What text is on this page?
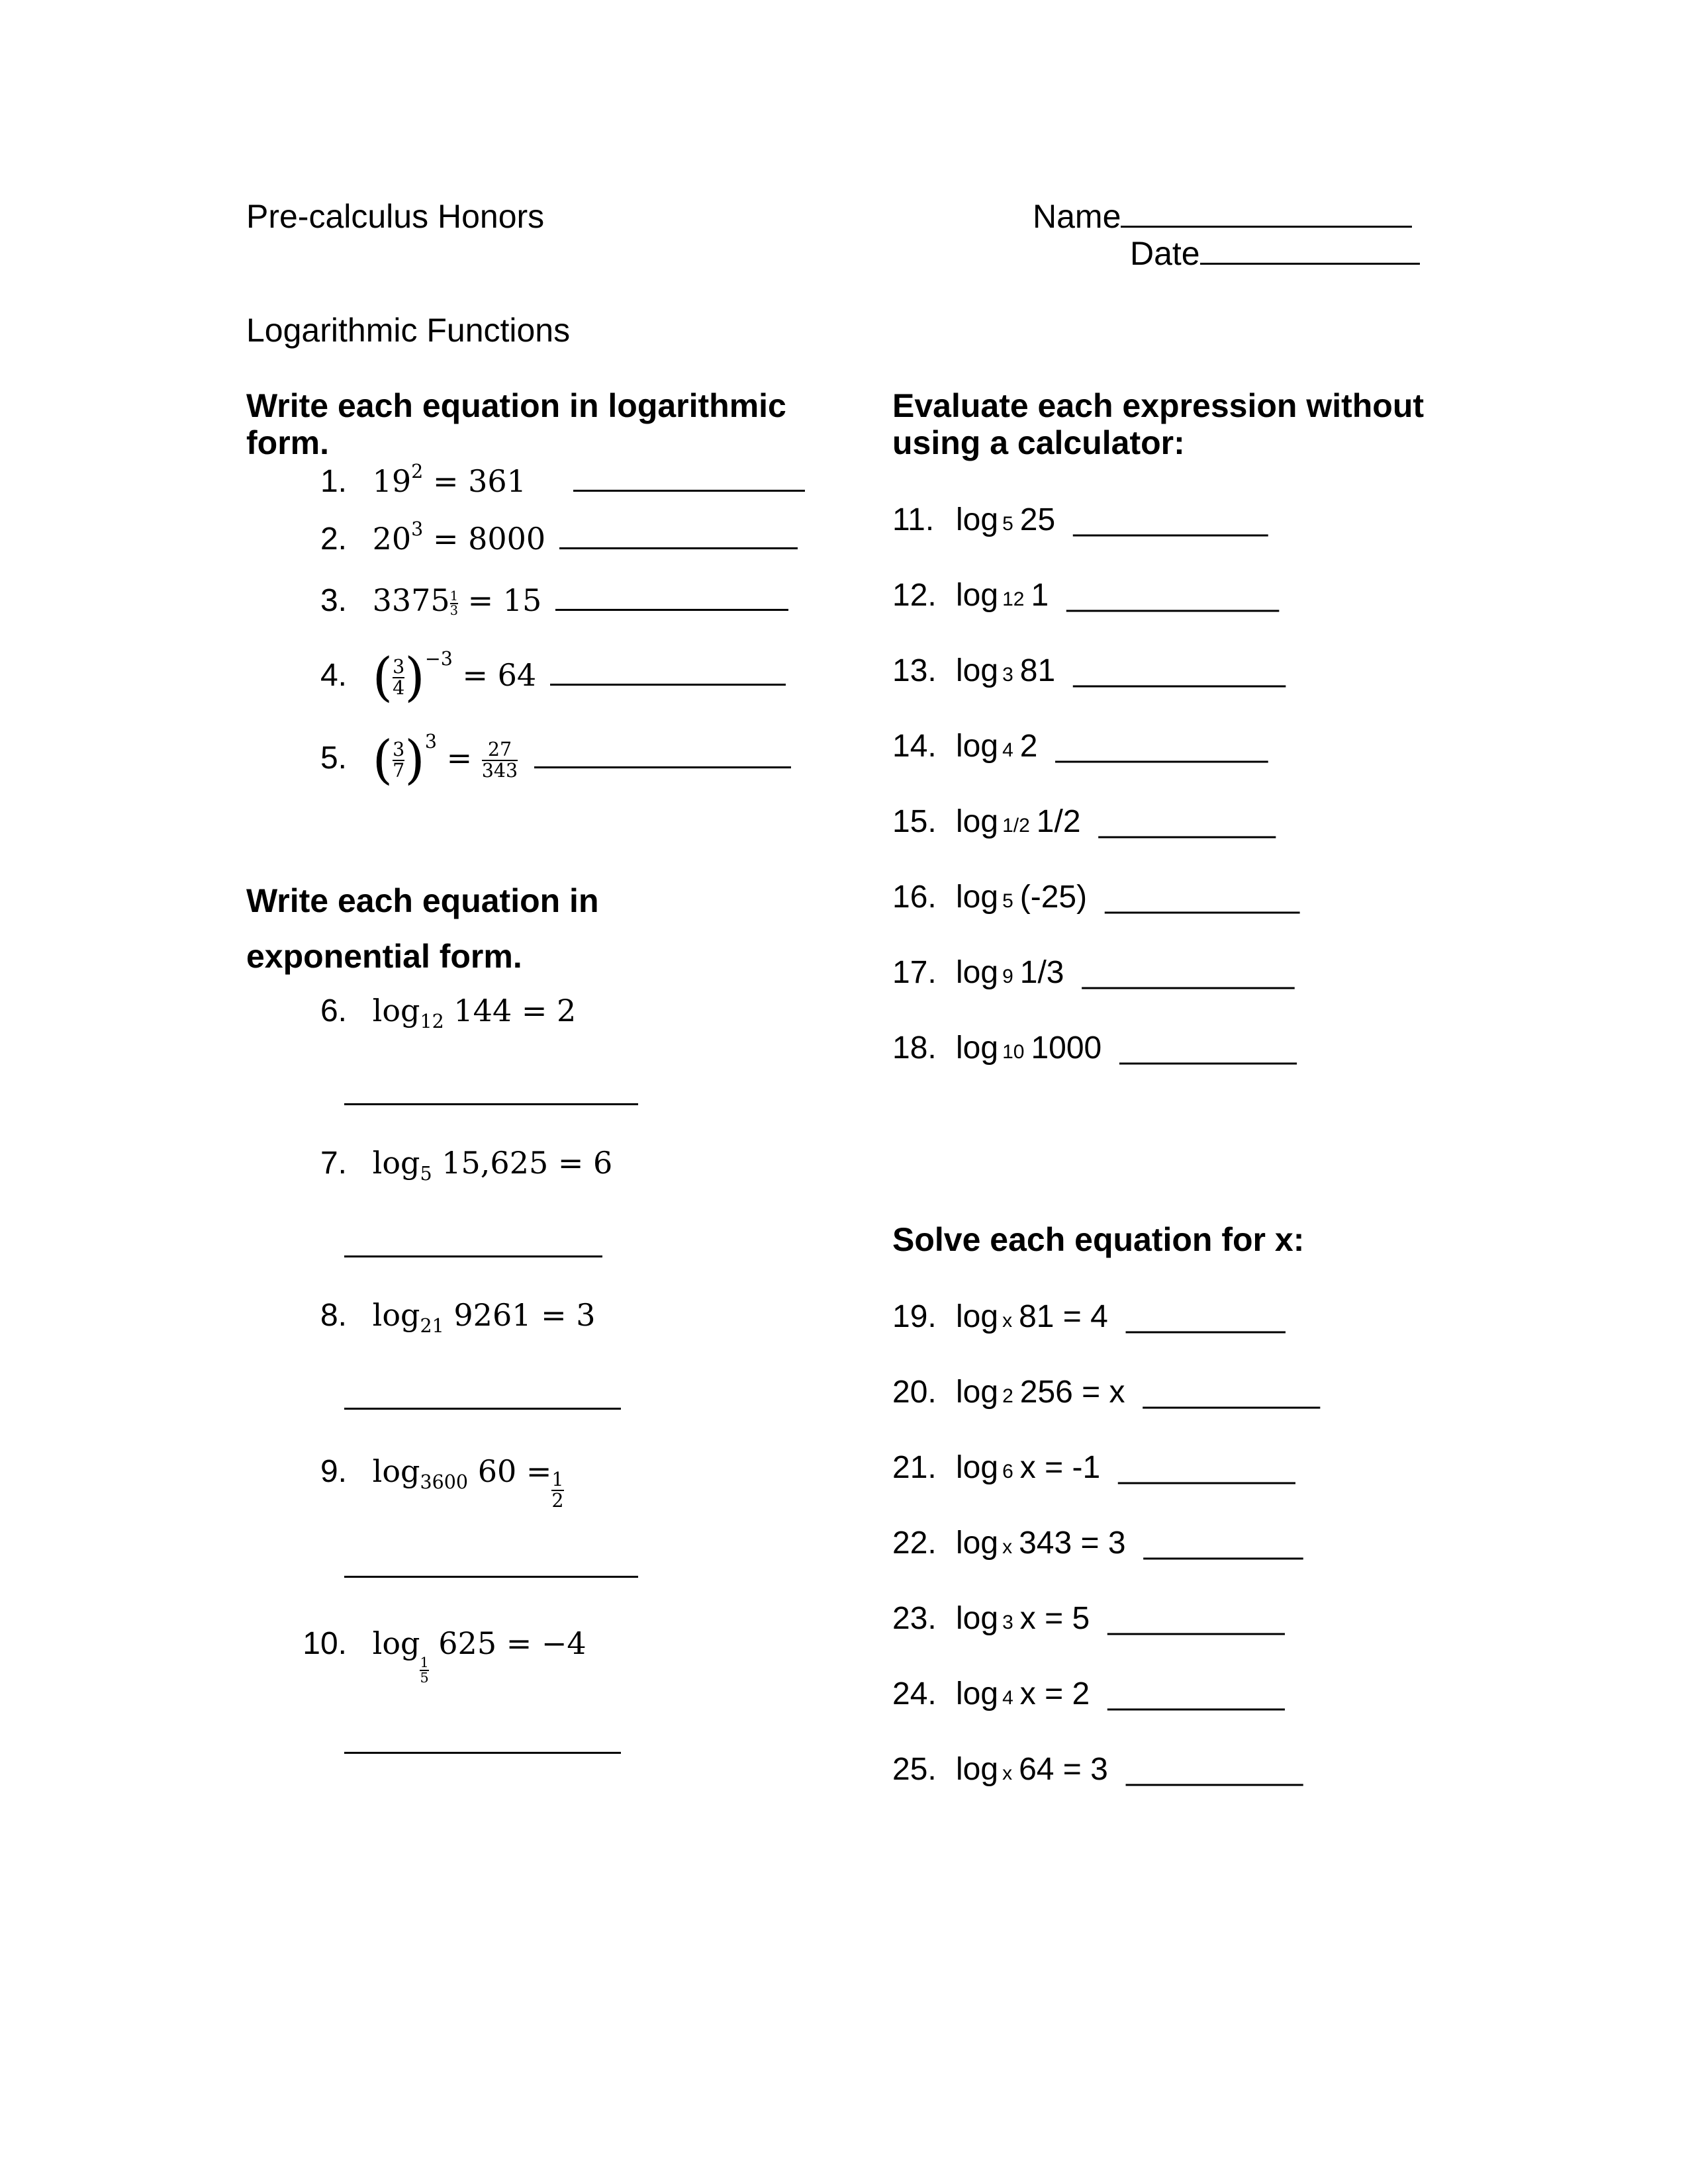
Pre-calculus Honors	Name
Date
Logarithmic Functions
Write each equation in logarithmic
form.
1. $19^2 = 361$
2. $20^3 = 8000$
3. $3375 \frac{1}{3} = 15$
4. ( $\frac{3}{4} )^{-3} = 64$
5. ( $\frac{3}{7} )^3 = \frac{27}{343}$

Write each equation in
exponential form.
6. $\log_{12} 144 = 2$
7. $\log_5 15,625 = 6$
8. $\log_{21} 9261 = 3$
9. $\log_{3600} 60 = \frac{1}{2}$
10. log
$\frac{1}{5}$
625 = −4
Evaluate each expression without
using a calculator:
11. log 5 25 ___________
12. log 12 1 ____________
13. log 3 81 ____________
14. log 4 2 ____________
15. log 1/2 1/2 __________
16. log 5 (-25) ___________
17. log 9 1/3 ____________
18. log 10 1000 __________
Solve each equation for x:
19. log x 81 = 4 _________
20. log 2 256 = x __________
21. log 6 x = -1 __________
22. log x 343 = 3 _________
23. log 3 x = 5 __________
24. log 4 x = 2 __________
25. log x 64 = 3 __________
